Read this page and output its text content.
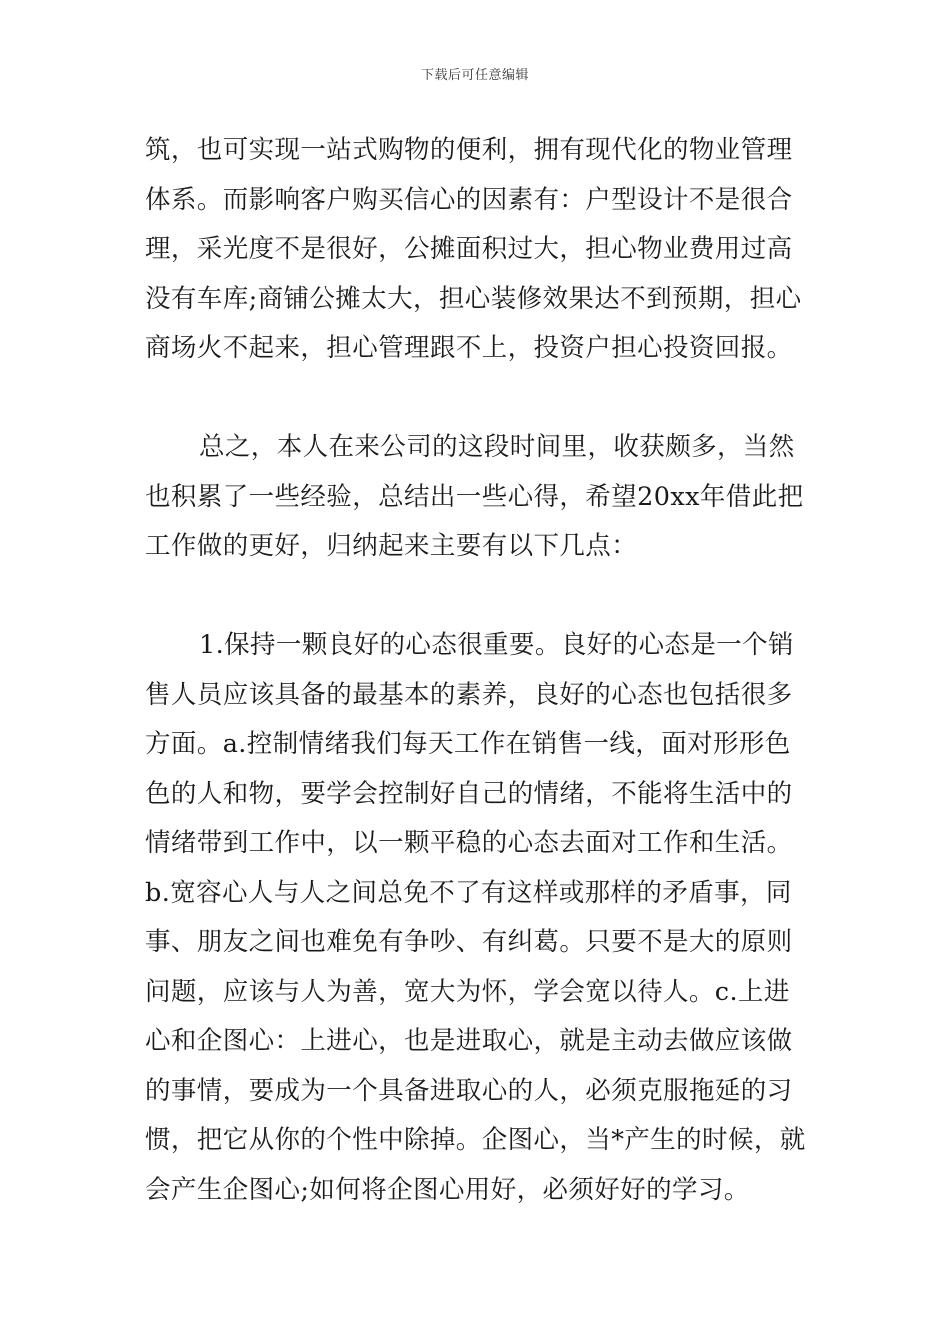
下载后可任意编辑
筑，也可实现一站式购物的便利，拥有现代化的物业管理
体系。而影响客户购买信心的因素有：户型设计不是很合
理，采光度不是很好，公摊面积过大，担心物业费用过高
没有车库;商铺公摊太大，担心装修效果达不到预期，担心
商场火不起来，担心管理跟不上，投资户担心投资回报。
总之，本人在来公司的这段时间里，收获颇多，当然
也积累了一些经验，总结出一些心得，希望20xx年借此把
工作做的更好，归纳起来主要有以下几点：
1.保持一颗良好的心态很重要。良好的心态是一个销
售人员应该具备的最基本的素养，良好的心态也包括很多
方面。a.控制情绪我们每天工作在销售一线，面对形形色
色的人和物，要学会控制好自己的情绪，不能将生活中的
情绪带到工作中，以一颗平稳的心态去面对工作和生活。
b.宽容心人与人之间总免不了有这样或那样的矛盾事，同
事、朋友之间也难免有争吵、有纠葛。只要不是大的原则
问题，应该与人为善，宽大为怀，学会宽以待人。c.上进
心和企图心：上进心，也是进取心，就是主动去做应该做
的事情，要成为一个具备进取心的人，必须克服拖延的习
惯，把它从你的个性中除掉。企图心，当*产生的时候，就
会产生企图心;如何将企图心用好，必须好好的学习。
